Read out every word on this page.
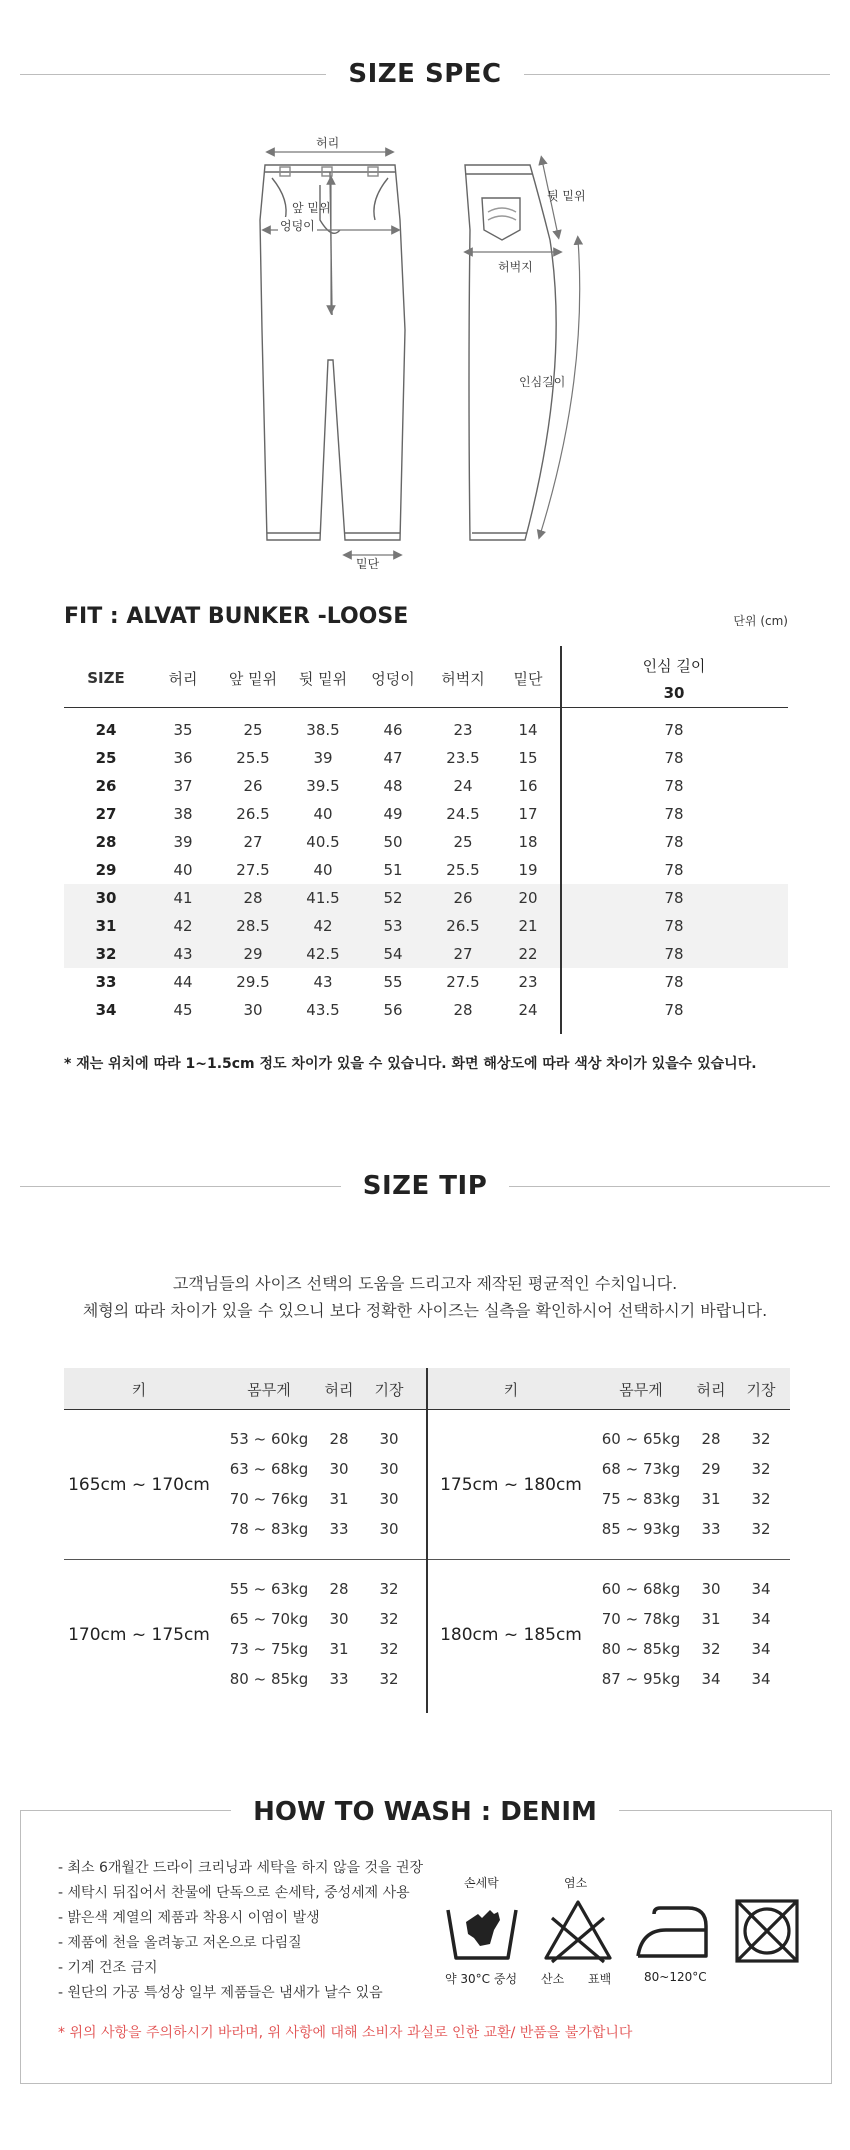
SIZE SPEC
허리
앞 밑위
엉덩이
밑단
뒷 밑위
허벅지
인심길이
FIT : ALVAT BUNKER -LOOSE	단위 (cm)
SIZE	허리	앞 밑위	뒷 밑위	엉덩이	허벅지	밑단
인심 길이
30
24	35	25	38.5	46	23	14	78
25	36	25.5	39	47	23.5	15	78
26	37	26	39.5	48	24	16	78
27	38	26.5	40	49	24.5	17	78
28	39	27	40.5	50	25	18	78
29	40	27.5	40	51	25.5	19	78
30	41	28	41.5	52	26	20	78
31	42	28.5	42	53	26.5	21	78
32	43	29	42.5	54	27	22	78
33	44	29.5	43	55	27.5	23	78
34	45	30	43.5	56	28	24	78
* 재는 위치에 따라 1~1.5cm 정도 차이가 있을 수 있습니다. 화면 해상도에 따라 색상 차이가 있을수 있습니다.
SIZE TIP
고객님들의 사이즈 선택의 도움을 드리고자 제작된 평균적인 수치입니다.
체형의 따라 차이가 있을 수 있으니 보다 정확한 사이즈는 실측을 확인하시어 선택하시기 바랍니다.
키	몸무게	허리	기장	키	몸무게	허리	기장
165cm ~ 170cm
53 ~ 60kg	28	30
63 ~ 68kg	30	30
70 ~ 76kg	31	30
78 ~ 83kg	33	30
175cm ~ 180cm
60 ~ 65kg	28	32
68 ~ 73kg	29	32
75 ~ 83kg	31	32
85 ~ 93kg	33	32
170cm ~ 175cm
55 ~ 63kg	28	32
65 ~ 70kg	30	32
73 ~ 75kg	31	32
80 ~ 85kg	33	32
180cm ~ 185cm
60 ~ 68kg	30	34
70 ~ 78kg	31	34
80 ~ 85kg	32	34
87 ~ 95kg	34	34
HOW TO WASH : DENIM
- 최소 6개월간 드라이 크리닝과 세탁을 하지 않을 것을 권장
- 세탁시 뒤집어서 찬물에 단독으로 손세탁, 중성세제 사용
- 밝은색 계열의 제품과 착용시 이염이 발생
- 제품에 천을 올려놓고 저온으로 다림질
- 기계 건조 금지
- 원단의 가공 특성상 일부 제품들은 냄새가 날수 있음
* 위의 사항을 주의하시기 바라며, 위 사항에 대해 소비자 과실로 인한 교환/ 반품을 불가합니다
손세탁
약 30°C 중성
염소
산소 표백	80~120°C
